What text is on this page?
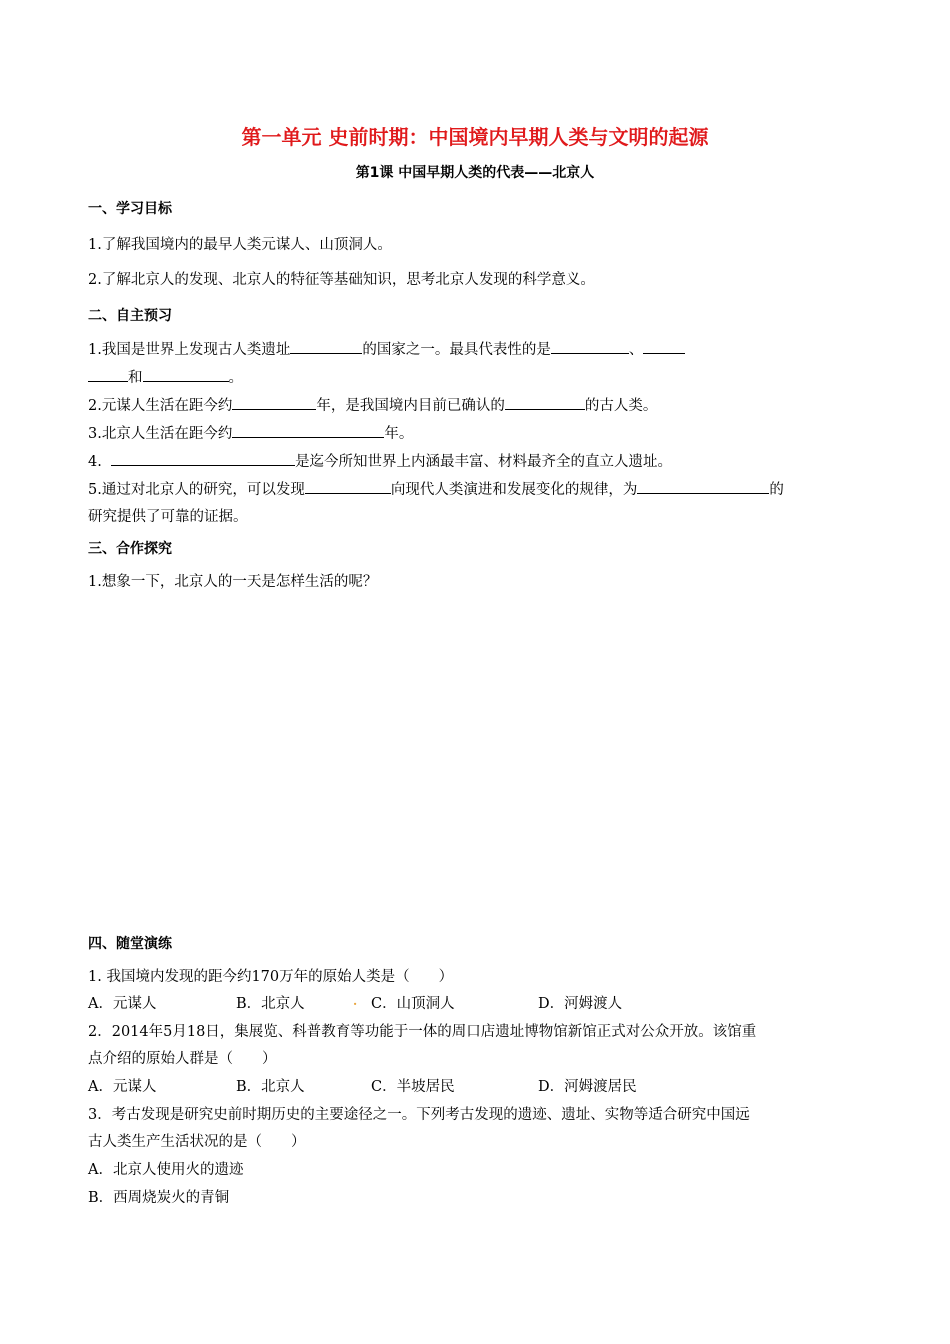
第一单元 史前时期：中国境内早期人类与文明的起源
第1课 中国早期人类的代表——北京人
一、学习目标
1.了解我国境内的最早人类元谋人、山顶洞人。
2.了解北京人的发现、北京人的特征等基础知识，思考北京人发现的科学意义。
二、自主预习
1.我国是世界上发现古人类遗址	的国家之一。最具代表性的是	、
和	。
2.元谋人生活在距今约	年，是我国境内目前已确认的	的古人类。
3.北京人生活在距今约	年。
4.	是迄今所知世界上内涵最丰富、材料最齐全的直立人遗址。
5.通过对北京人的研究，可以发现	向现代人类演进和发展变化的规律，为	的
研究提供了可靠的证据。
三、合作探究
1.想象一下，北京人的一天是怎样生活的呢？
四、随堂演练
1. 我国境内发现的距今约170万年的原始人类是（　　）
A．元谋人	B．北京人	. C．山顶洞人	D．河姆渡人
2．2014年5月18日，集展览、科普教育等功能于一体的周口店遗址博物馆新馆正式对公众开放。该馆重
点介绍的原始人群是（　　）
A．元谋人	B．北京人	C．半坡居民	D．河姆渡居民
3．考古发现是研究史前时期历史的主要途径之一。下列考古发现的遗迹、遗址、实物等适合研究中国远
古人类生产生活状况的是（　　）
A．北京人使用火的遗迹
B．西周烧炭火的青铜
